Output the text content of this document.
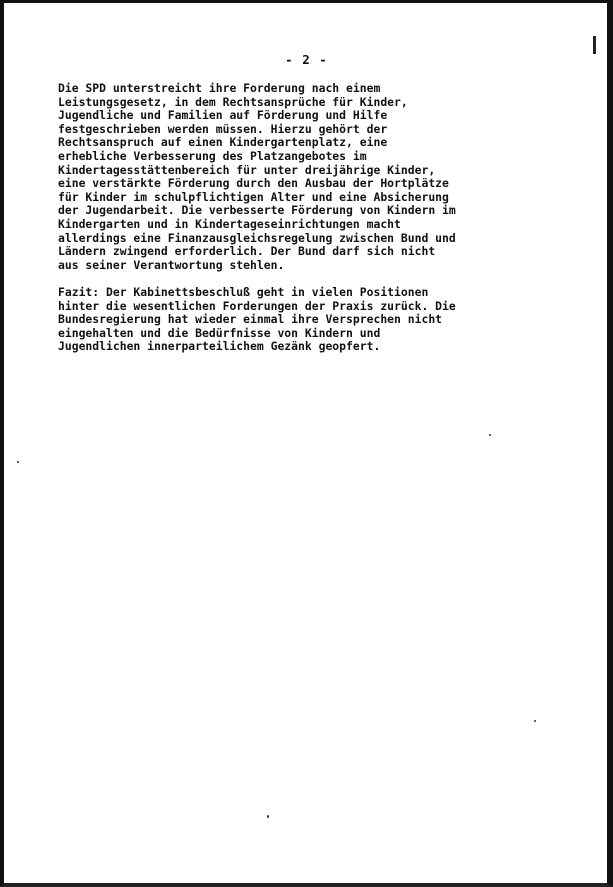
- 2 -
Die SPD unterstreicht ihre Forderung nach einem
Leistungsgesetz, in dem Rechtsansprüche für Kinder,
Jugendliche und Familien auf Förderung und Hilfe
festgeschrieben werden müssen. Hierzu gehört der
Rechtsanspruch auf einen Kindergartenplatz, eine
erhebliche Verbesserung des Platzangebotes im
Kindertagesstättenbereich für unter dreijährige Kinder,
eine verstärkte Förderung durch den Ausbau der Hortplätze
für Kinder im schulpflichtigen Alter und eine Absicherung
der Jugendarbeit. Die verbesserte Förderung von Kindern im
Kindergarten und in Kindertageseinrichtungen macht
allerdings eine Finanzausgleichsregelung zwischen Bund und
Ländern zwingend erforderlich. Der Bund darf sich nicht
aus seiner Verantwortung stehlen.
Fazit: Der Kabinettsbeschluß geht in vielen Positionen
hinter die wesentlichen Forderungen der Praxis zurück. Die
Bundesregierung hat wieder einmal ihre Versprechen nicht
eingehalten und die Bedürfnisse von Kindern und
Jugendlichen innerparteilichem Gezänk geopfert.
